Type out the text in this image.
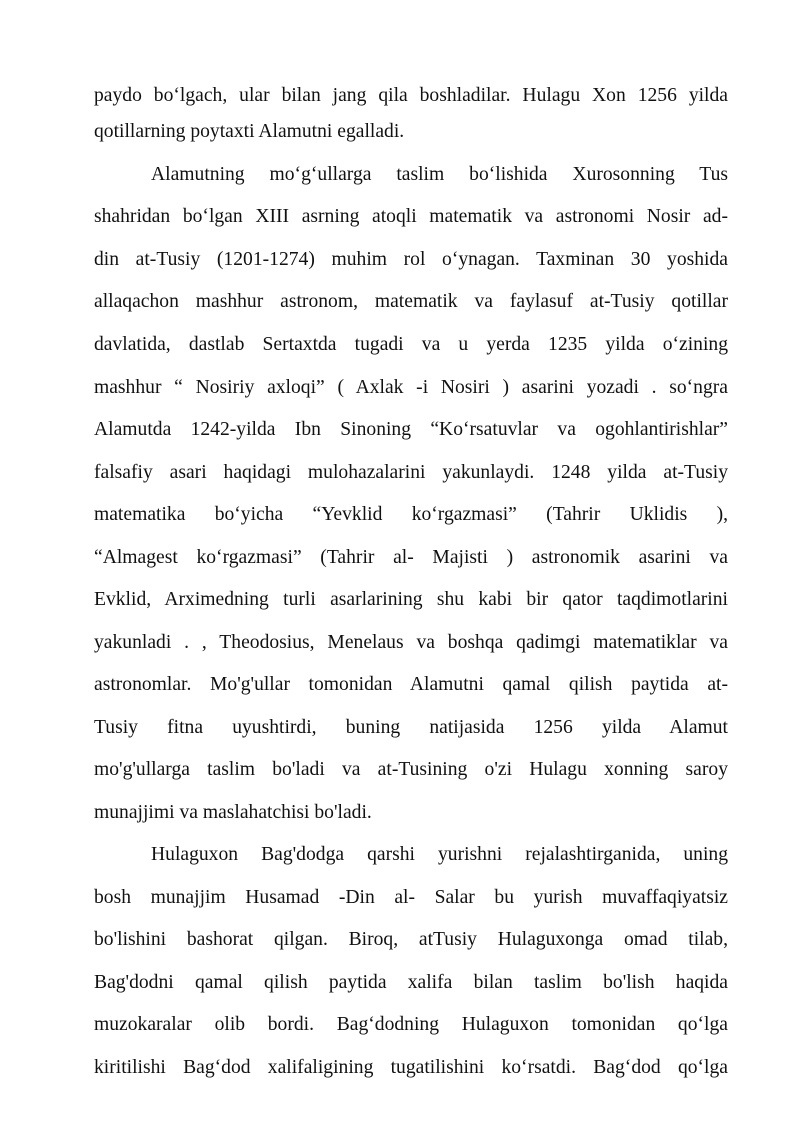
paydo boʻlgach, ular bilan jang qila boshladilar. Hulagu Xon 1256 yilda
qotillarning poytaxti Alamutni egalladi.
Alamutning moʻgʻullarga taslim boʻlishida Xurosonning Tus
shahridan boʻlgan XIII asrning atoqli matematik va astronomi Nosir ad-
din at-Tusiy (1201-1274) muhim rol oʻynagan. Taxminan 30 yoshida
allaqachon mashhur astronom, matematik va faylasuf at-Tusiy qotillar
davlatida, dastlab Sertaxtda tugadi va u yerda 1235 yilda oʻzining
mashhur “ Nosiriy axloqi” ( Axlak -i Nosiri ) asarini yozadi . soʻngra
Alamutda 1242-yilda Ibn Sinoning “Koʻrsatuvlar va ogohlantirishlar”
falsafiy asari haqidagi mulohazalarini yakunlaydi. 1248 yilda at-Tusiy
matematika boʻyicha “Yevklid koʻrgazmasi” (Tahrir Uklidis ),
“Almagest koʻrgazmasi” (Tahrir al- Majisti ) astronomik asarini va
Evklid, Arximedning turli asarlarining shu kabi bir qator taqdimotlarini
yakunladi . , Theodosius, Menelaus va boshqa qadimgi matematiklar va
astronomlar. Mo'g'ullar tomonidan Alamutni qamal qilish paytida at-
Tusiy fitna uyushtirdi, buning natijasida 1256 yilda Alamut
mo'g'ullarga taslim bo'ladi va at-Tusining o'zi Hulagu xonning saroy
munajjimi va maslahatchisi bo'ladi.
Hulaguxon Bag'dodga qarshi yurishni rejalashtirganida, uning
bosh munajjim Husamad -Din al- Salar bu yurish muvaffaqiyatsiz
bo'lishini bashorat qilgan. Biroq, atTusiy Hulaguxonga omad tilab,
Bag'dodni qamal qilish paytida xalifa bilan taslim bo'lish haqida
muzokaralar olib bordi. Bagʻdodning Hulaguxon tomonidan qoʻlga
kiritilishi Bagʻdod xalifaligining tugatilishini koʻrsatdi. Bagʻdod qoʻlga
